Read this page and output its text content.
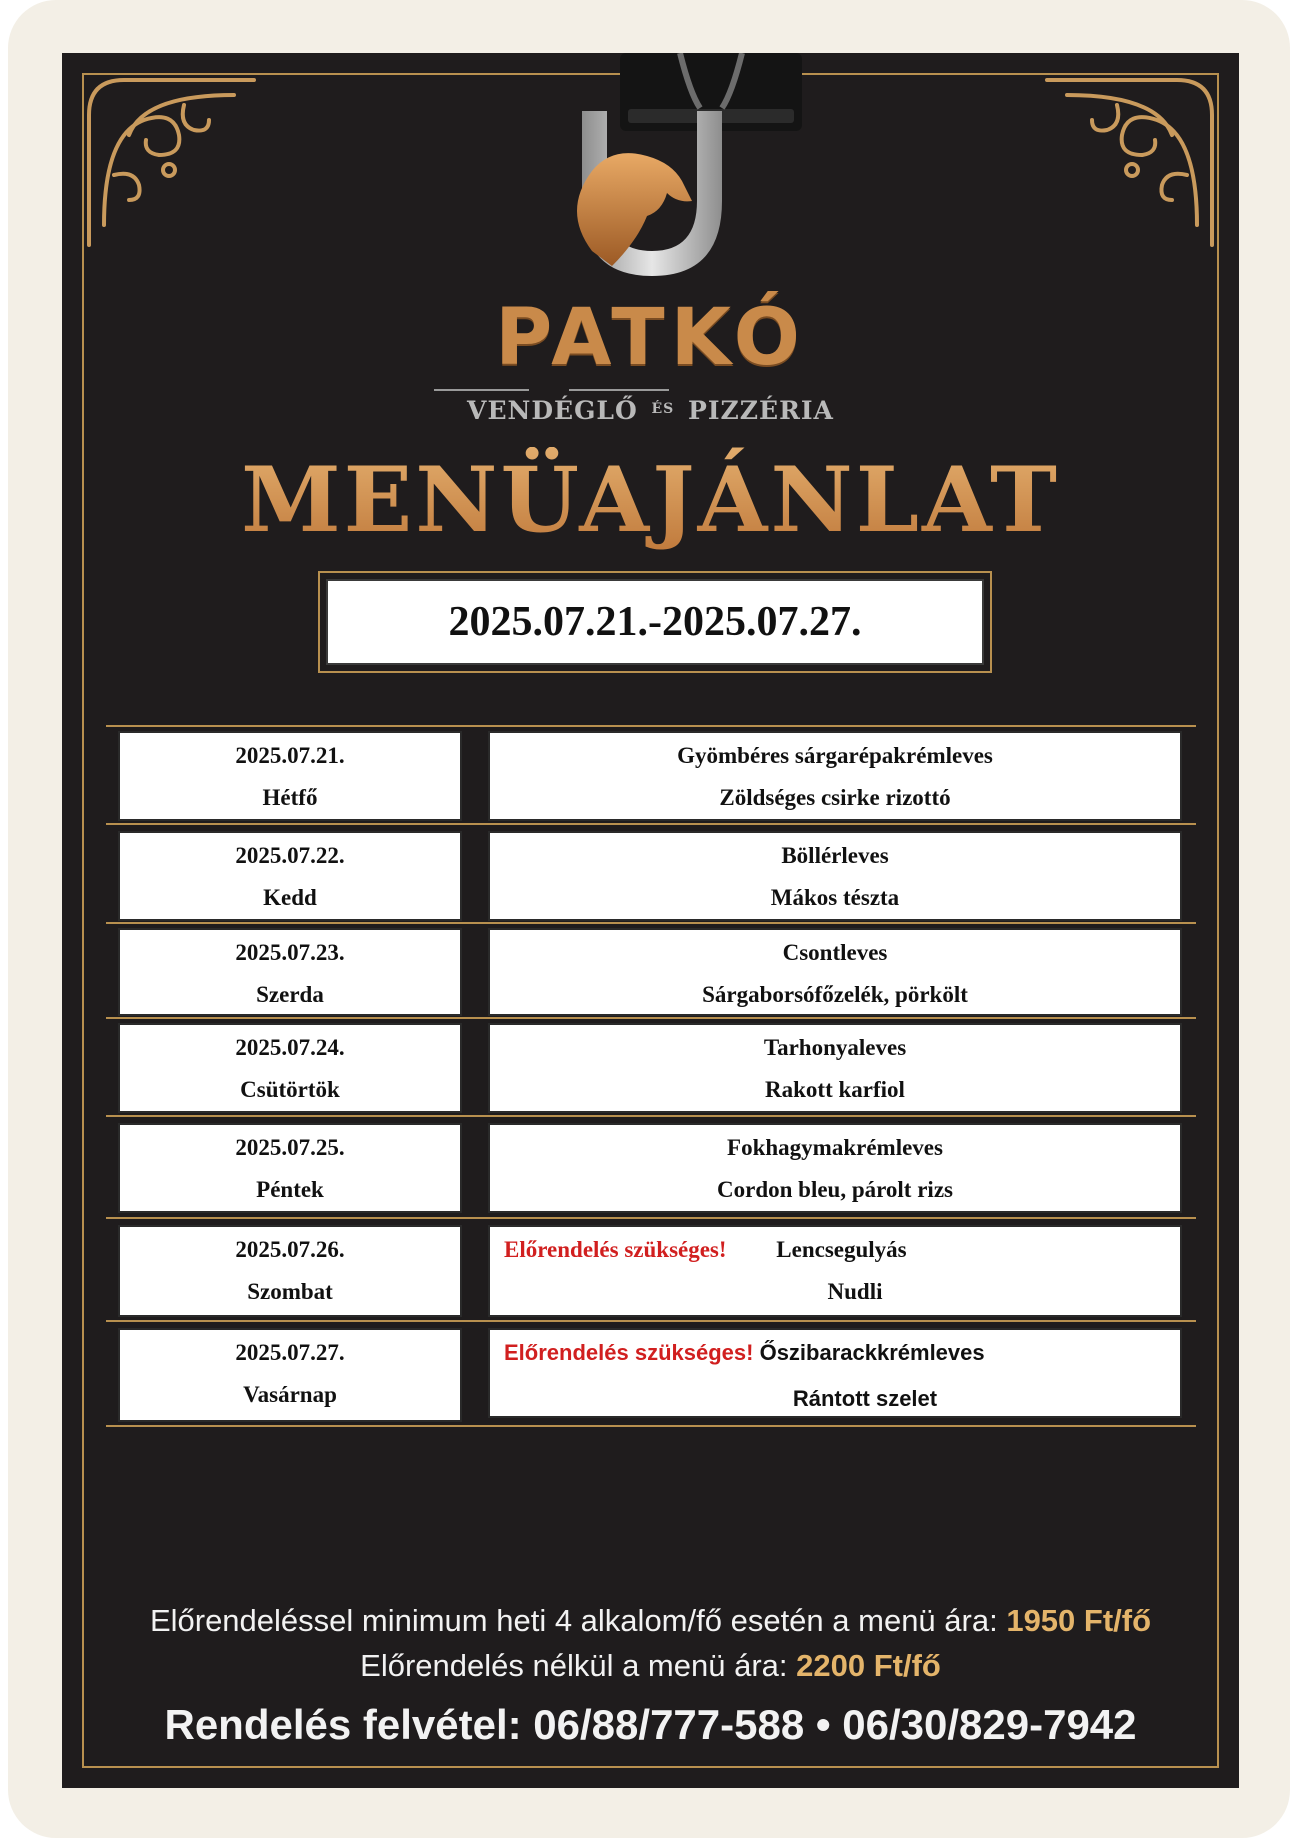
PATKÓ
VENDÉGLŐ $^{ÉS}$ PIZZÉRIA
MENÜAJÁNLAT
2025.07.21.-2025.07.27.
2025.07.21.
Hétfő
Gyömbéres sárgarépakrémleves
Zöldséges csirke rizottó
2025.07.22.
Kedd
Böllérleves
Mákos tészta
2025.07.23.
Szerda
Csontleves
Sárgaborsófőzelék, pörkölt
2025.07.24.
Csütörtök
Tarhonyaleves
Rakott karfiol
2025.07.25.
Péntek
Fokhagymakrémleves
Cordon bleu, párolt rizs
2025.07.26.
Szombat
Előrendelés szükséges! Lencsegulyás
Nudli
2025.07.27.
Vasárnap
Előrendelés szükséges! Őszibarackkrémleves
Rántott szelet
Előrendeléssel minimum heti 4 alkalom/fő esetén a menü ára: 1950 Ft/fő
Előrendelés nélkül a menü ára: 2200 Ft/fő
Rendelés felvétel: 06/88/777-588 • 06/30/829-7942
